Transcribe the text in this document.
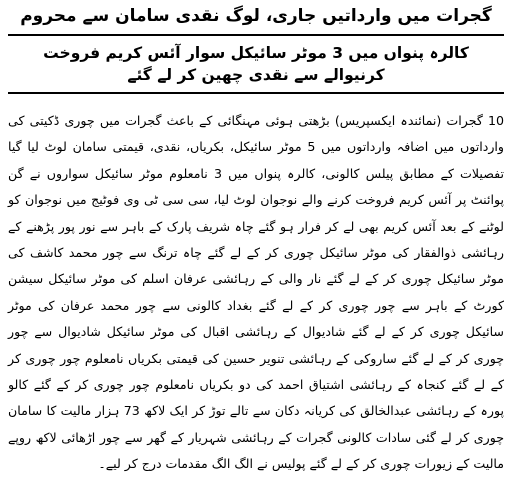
گجرات میں وارداتیں جاری، لوگ نقدی سامان سے محروم
کالرہ پنواں میں 3 موٹر سائیکل سوار آئس کریم فروخت کرنیوالے سے نقدی چھین کر لے گئے

10 گجرات (نمائندہ ایکسپریس) بڑھتی ہوئی مہنگائی کے باعث گجرات میں چوری ڈکیتی کی وارداتوں میں اضافہ وارداتوں میں 5 موٹر سائیکل، بکریاں، نقدی، قیمتی سامان لوٹ لیا گیا تفصیلات کے مطابق پیلس کالونی، کالرہ پنواں میں 3 نامعلوم موٹر سائیکل سواروں نے گن پوائنٹ پر آئس کریم فروخت کرنے والے نوجوان لوٹ لیا، سی سی ٹی وی فوٹیج میں نوجوان کو لوٹنے کے بعد آئس کریم بھی لے کر فرار ہو گئے چاہ شریف پارک کے باہر سے نور پور پڑھنے کے رہائشی ذوالفقار کی موٹر سائیکل چوری کر کے لے گئے چاہ ترنگ سے چور محمد کاشف کی موٹر سائیکل چوری کر کے لے گئے نار والی کے رہائشی عرفان اسلم کی موٹر سائیکل سیشن کورٹ کے باہر سے چور چوری کر کے لے گئے بغداد کالونی سے چور محمد عرفان کی موٹر سائیکل چوری کر کے لے گئے شادیوال کے رہائشی اقبال کی موٹر سائیکل شادیوال سے چور چوری کر کے لے گئے ساروکی کے رہائشی تنویر حسین کی قیمتی بکریاں نامعلوم چور چوری کر کے لے گئے کنجاہ کے رہائشی اشتیاق احمد کی دو بکریاں نامعلوم چور چوری کر کے گئے کالو پورہ کے رہائشی عبدالخالق کی کریانہ دکان سے تالے توڑ کر ایک لاکھ 73 ہزار مالیت کا سامان چوری کر لے گئی سادات کالونی گجرات کے رہائشی شہریار کے گھر سے چور اڑھائی لاکھ روپے مالیت کے زیورات چوری کر کے لے گئے پولیس نے الگ الگ مقدمات درج کر لیے۔
